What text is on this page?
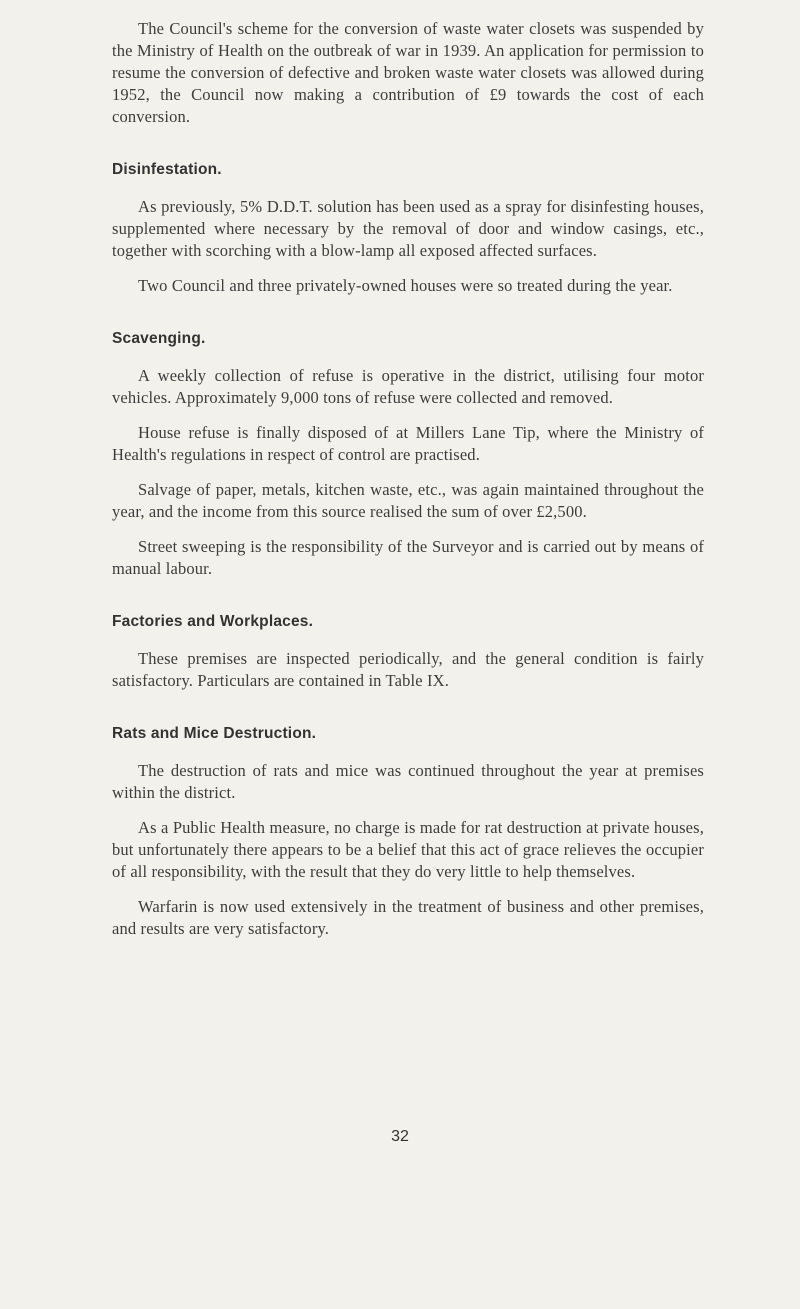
The Council's scheme for the conversion of waste water closets was suspended by the Ministry of Health on the outbreak of war in 1939. An application for permission to resume the conversion of defective and broken waste water closets was allowed during 1952, the Council now making a contribution of £9 towards the cost of each conversion.

Disinfestation.

As previously, 5% D.D.T. solution has been used as a spray for disinfesting houses, supplemented where necessary by the removal of door and window casings, etc., together with scorching with a blow-lamp all exposed affected surfaces.

Two Council and three privately-owned houses were so treated during the year.

Scavenging.

A weekly collection of refuse is operative in the district, utilising four motor vehicles. Approximately 9,000 tons of refuse were collected and removed.

House refuse is finally disposed of at Millers Lane Tip, where the Ministry of Health's regulations in respect of control are practised.

Salvage of paper, metals, kitchen waste, etc., was again maintained throughout the year, and the income from this source realised the sum of over £2,500.

Street sweeping is the responsibility of the Surveyor and is carried out by means of manual labour.

Factories and Workplaces.

These premises are inspected periodically, and the general condition is fairly satisfactory. Particulars are contained in Table IX.

Rats and Mice Destruction.

The destruction of rats and mice was continued throughout the year at premises within the district.

As a Public Health measure, no charge is made for rat destruction at private houses, but unfortunately there appears to be a belief that this act of grace relieves the occupier of all responsibility, with the result that they do very little to help themselves.

Warfarin is now used extensively in the treatment of business and other premises, and results are very satisfactory.

32
